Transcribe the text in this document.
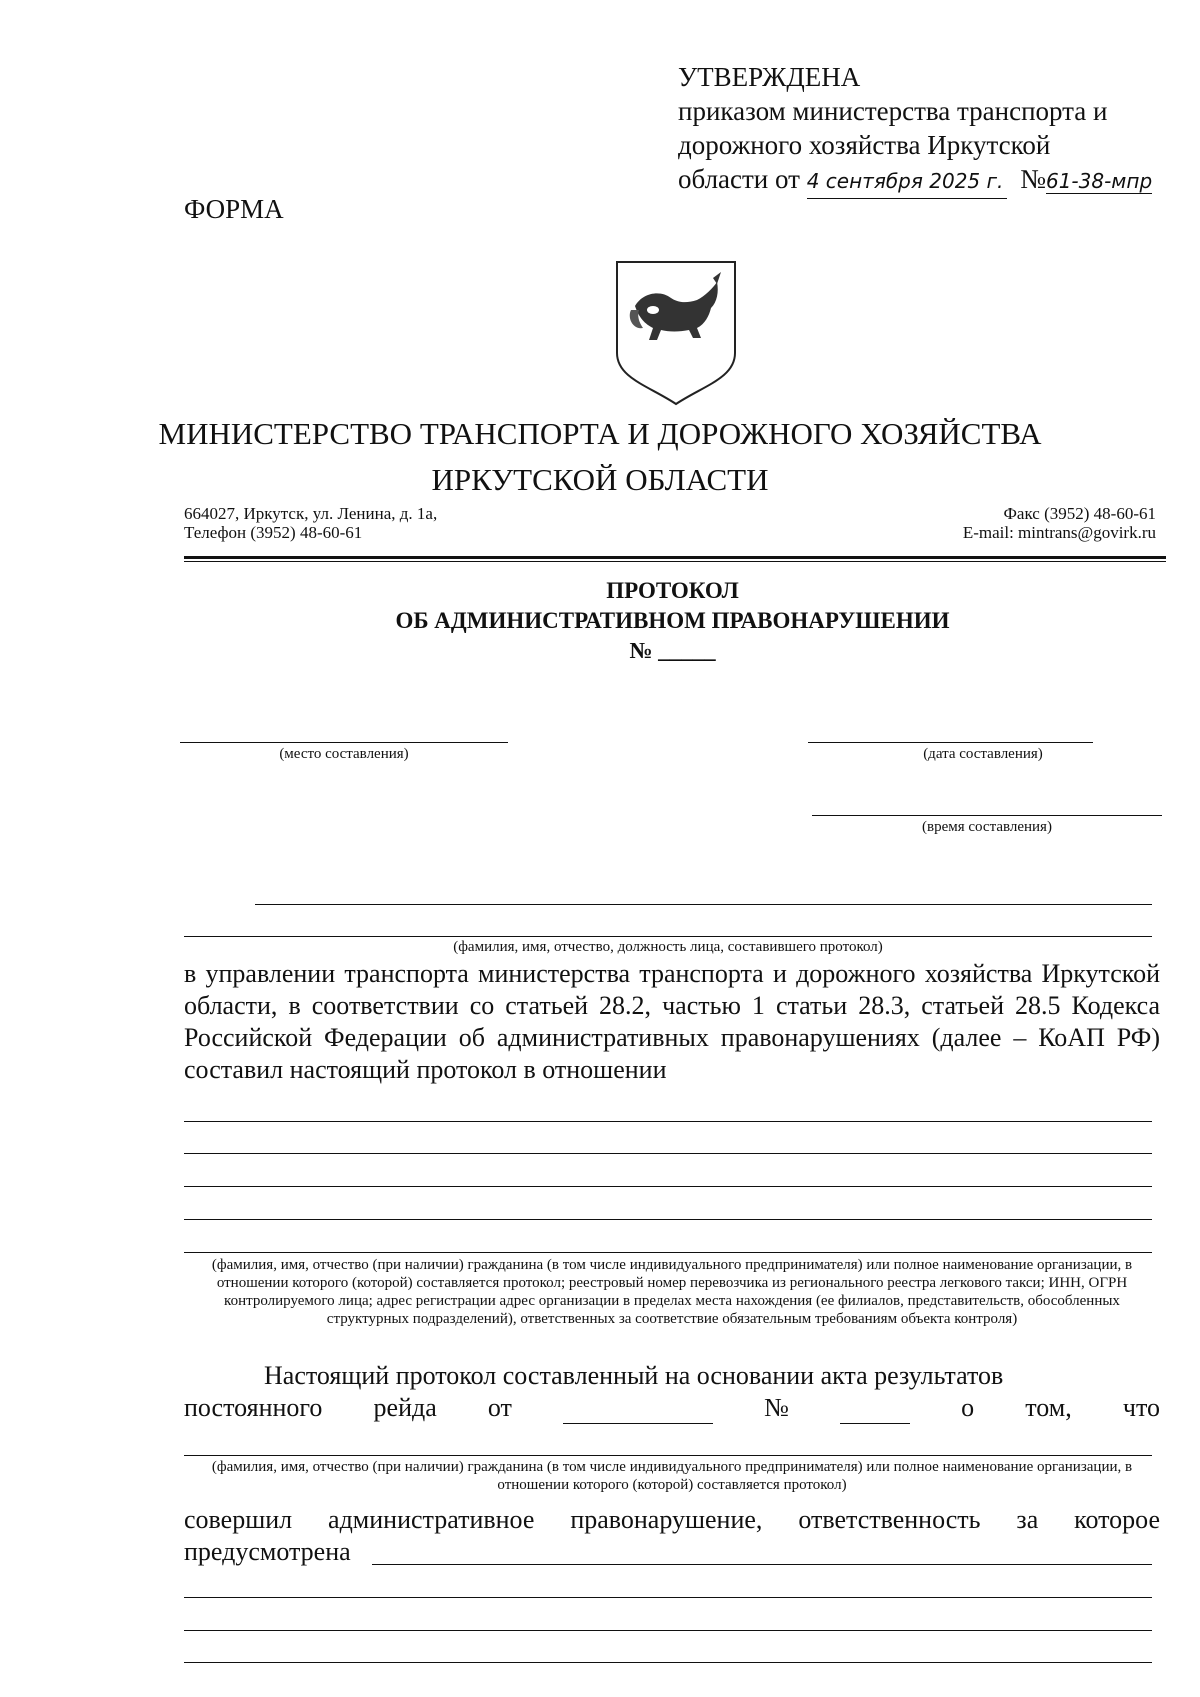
УТВЕРЖДЕНА
приказом министерства транспорта и
дорожного хозяйства Иркутской
области от 4 сентября 2025 г. №61-38-мпр
ФОРМА
МИНИСТЕРСТВО ТРАНСПОРТА И ДОРОЖНОГО ХОЗЯЙСТВА
ИРКУТСКОЙ ОБЛАСТИ
664027, Иркутск, ул. Ленина, д. 1а,
Телефон (3952) 48-60-61
Факс (3952) 48-60-61
E-mail: mintrans@govirk.ru
ПРОТОКОЛ
ОБ АДМИНИСТРАТИВНОМ ПРАВОНАРУШЕНИИ
№ _____
(место составления)	(дата составления)
(время составления)
(фамилия, имя, отчество, должность лица, составившего протокол)
в управлении транспорта министерства транспорта и дорожного хозяйства Иркутской области, в соответствии со статьей 28.2, частью 1 статьи 28.3, статьей 28.5 Кодекса Российской Федерации об административных правонарушениях (далее – КоАП РФ) составил настоящий протокол в отношении
(фамилия, имя, отчество (при наличии) гражданина (в том числе индивидуального предпринимателя) или полное наименование организации, в отношении которого (которой) составляется протокол; реестровый номер перевозчика из регионального реестра легкового такси; ИНН, ОГРН контролируемого лица; адрес регистрации адрес организации в пределах места нахождения (ее филиалов, представительств, обособленных структурных подразделений), ответственных за соответствие обязательным требованиям объекта контроля)
Настоящий протокол составленный на основании акта результатов
постоянного рейда от	№	о том, что
(фамилия, имя, отчество (при наличии) гражданина (в том числе индивидуального предпринимателя) или полное наименование организации, в отношении которого (которой) составляется протокол)
совершил административное правонарушение, ответственность за которое
предусмотрена
